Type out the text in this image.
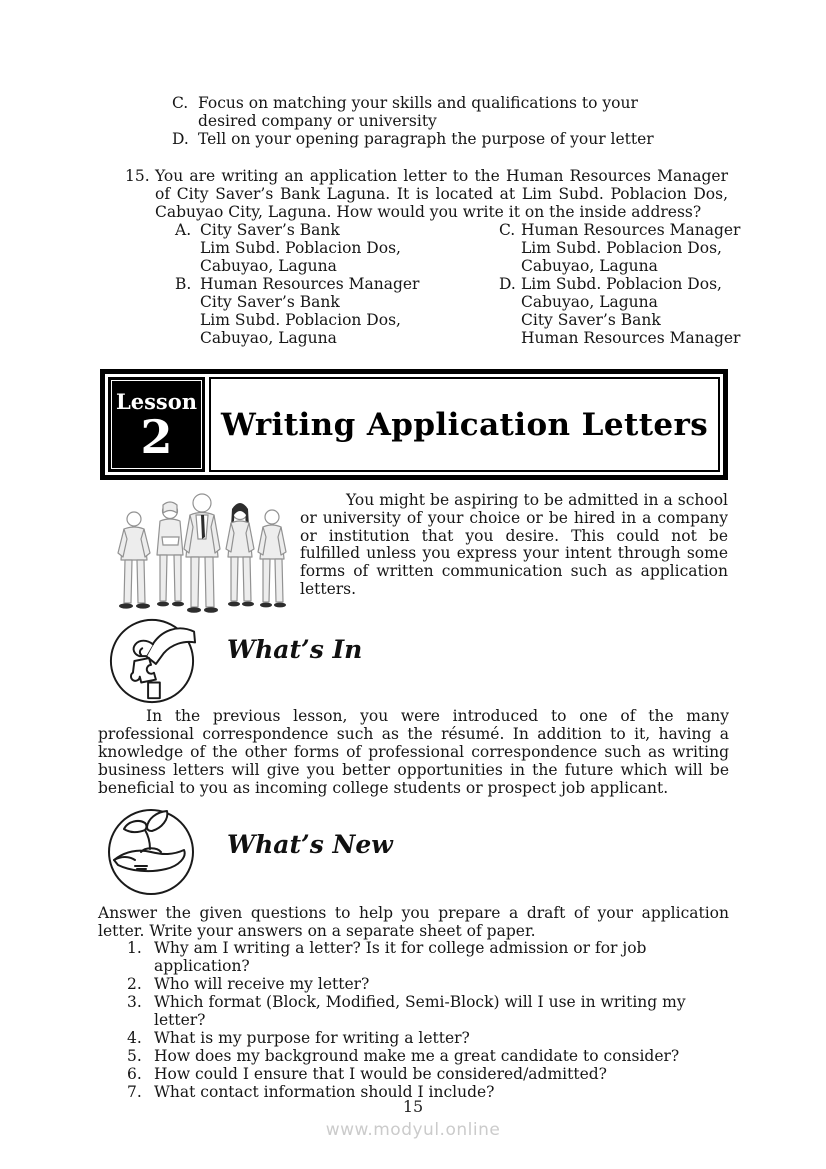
C. Focus on matching your skills and qualifications to your desired company or university
D. Tell on your opening paragraph the purpose of your letter
15. You are writing an application letter to the Human Resources Manager of City Saver’s Bank Laguna. It is located at Lim Subd. Poblacion Dos, Cabuyao City, Laguna. How would you write it on the inside address?
A. City Saver’s Bank
Lim Subd. Poblacion Dos,
Cabuyao, Laguna
B. Human Resources Manager
City Saver’s Bank
Lim Subd. Poblacion Dos,
Cabuyao, Laguna
C. Human Resources Manager
Lim Subd. Poblacion Dos,
Cabuyao, Laguna
D. Lim Subd. Poblacion Dos,
Cabuyao, Laguna
City Saver’s Bank
Human Resources Manager
Lesson
2 Writing Application Letters
You might be aspiring to be admitted in a school or university of your choice or be hired in a company or institution that you desire. This could not be fulfilled unless you express your intent through some forms of written communication such as application letters.
What’s In
In the previous lesson, you were introduced to one of the many professional correspondence such as the résumé. In addition to it, having a knowledge of the other forms of professional correspondence such as writing business letters will give you better opportunities in the future which will be beneficial to you as incoming college students or prospect job applicant.
What’s New
Answer the given questions to help you prepare a draft of your application letter. Write your answers on a separate sheet of paper.
1. Why am I writing a letter? Is it for college admission or for job application?
2. Who will receive my letter?
3. Which format (Block, Modified, Semi-Block) will I use in writing my letter?
4. What is my purpose for writing a letter?
5. How does my background make me a great candidate to consider?
6. How could I ensure that I would be considered/admitted?
7. What contact information should I include?
15
www.modyul.online
